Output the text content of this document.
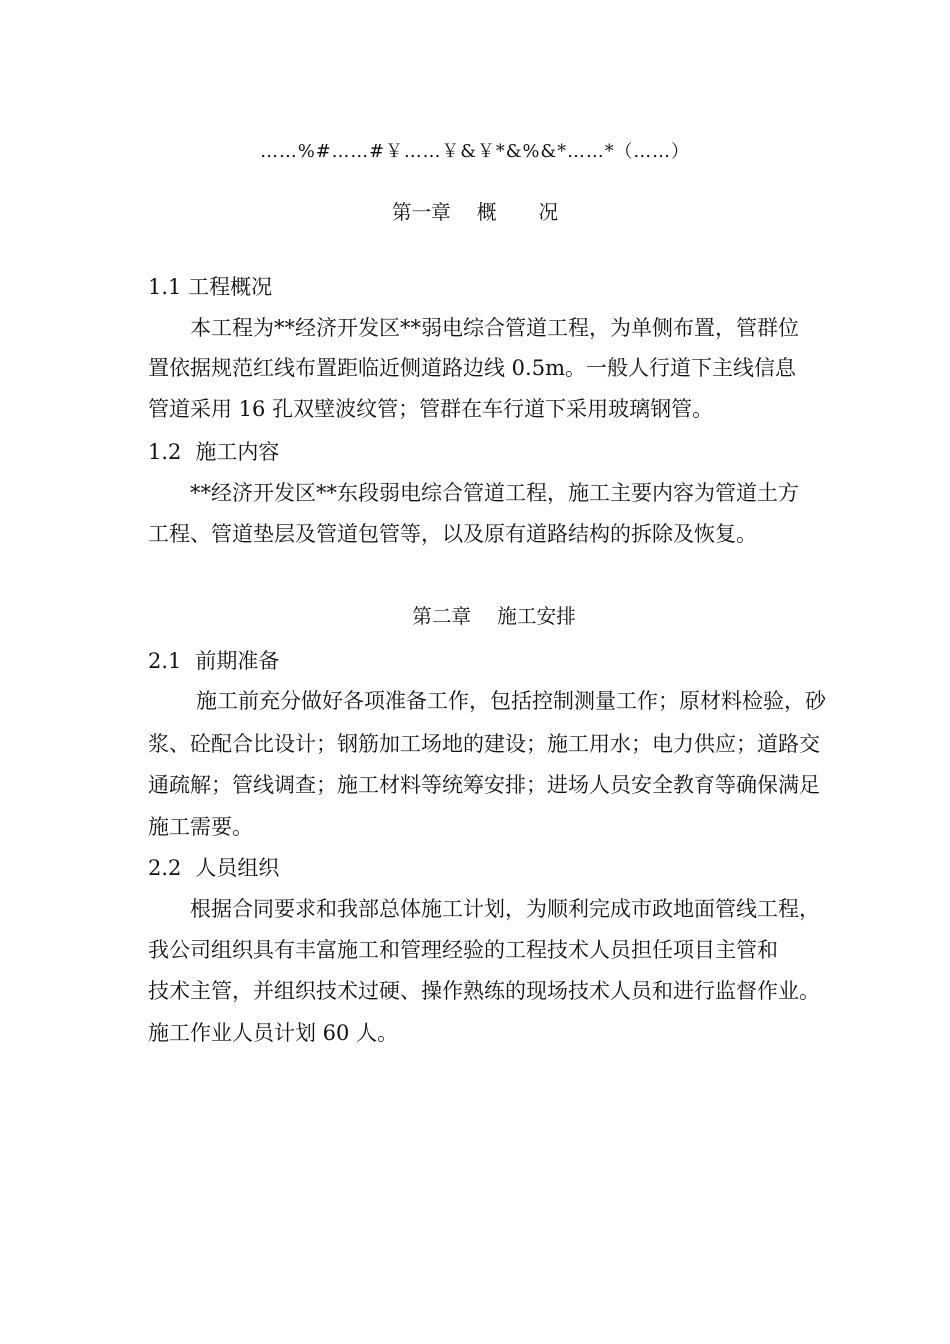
……%#……#￥……￥&￥*&%&*……*（……）
第一章 概 况
1.1 工程概况
本工程为**经济开发区**弱电综合管道工程，为单侧布置，管群位
置依据规范红线布置距临近侧道路边线 0.5m。一般人行道下主线信息
管道采用 16 孔双壁波纹管；管群在车行道下采用玻璃钢管。
1.2 施工内容
**经济开发区**东段弱电综合管道工程，施工主要内容为管道土方
工程、管道垫层及管道包管等，以及原有道路结构的拆除及恢复。
第二章 施工安排
2.1 前期准备
施工前充分做好各项准备工作，包括控制测量工作；原材料检验，砂
浆、砼配合比设计；钢筋加工场地的建设；施工用水；电力供应；道路交
通疏解；管线调查；施工材料等统筹安排；进场人员安全教育等确保满足
施工需要。
2.2 人员组织
根据合同要求和我部总体施工计划，为顺利完成市政地面管线工程，
我公司组织具有丰富施工和管理经验的工程技术人员担任项目主管和
技术主管，并组织技术过硬、操作熟练的现场技术人员和进行监督作业。
施工作业人员计划 60 人。
